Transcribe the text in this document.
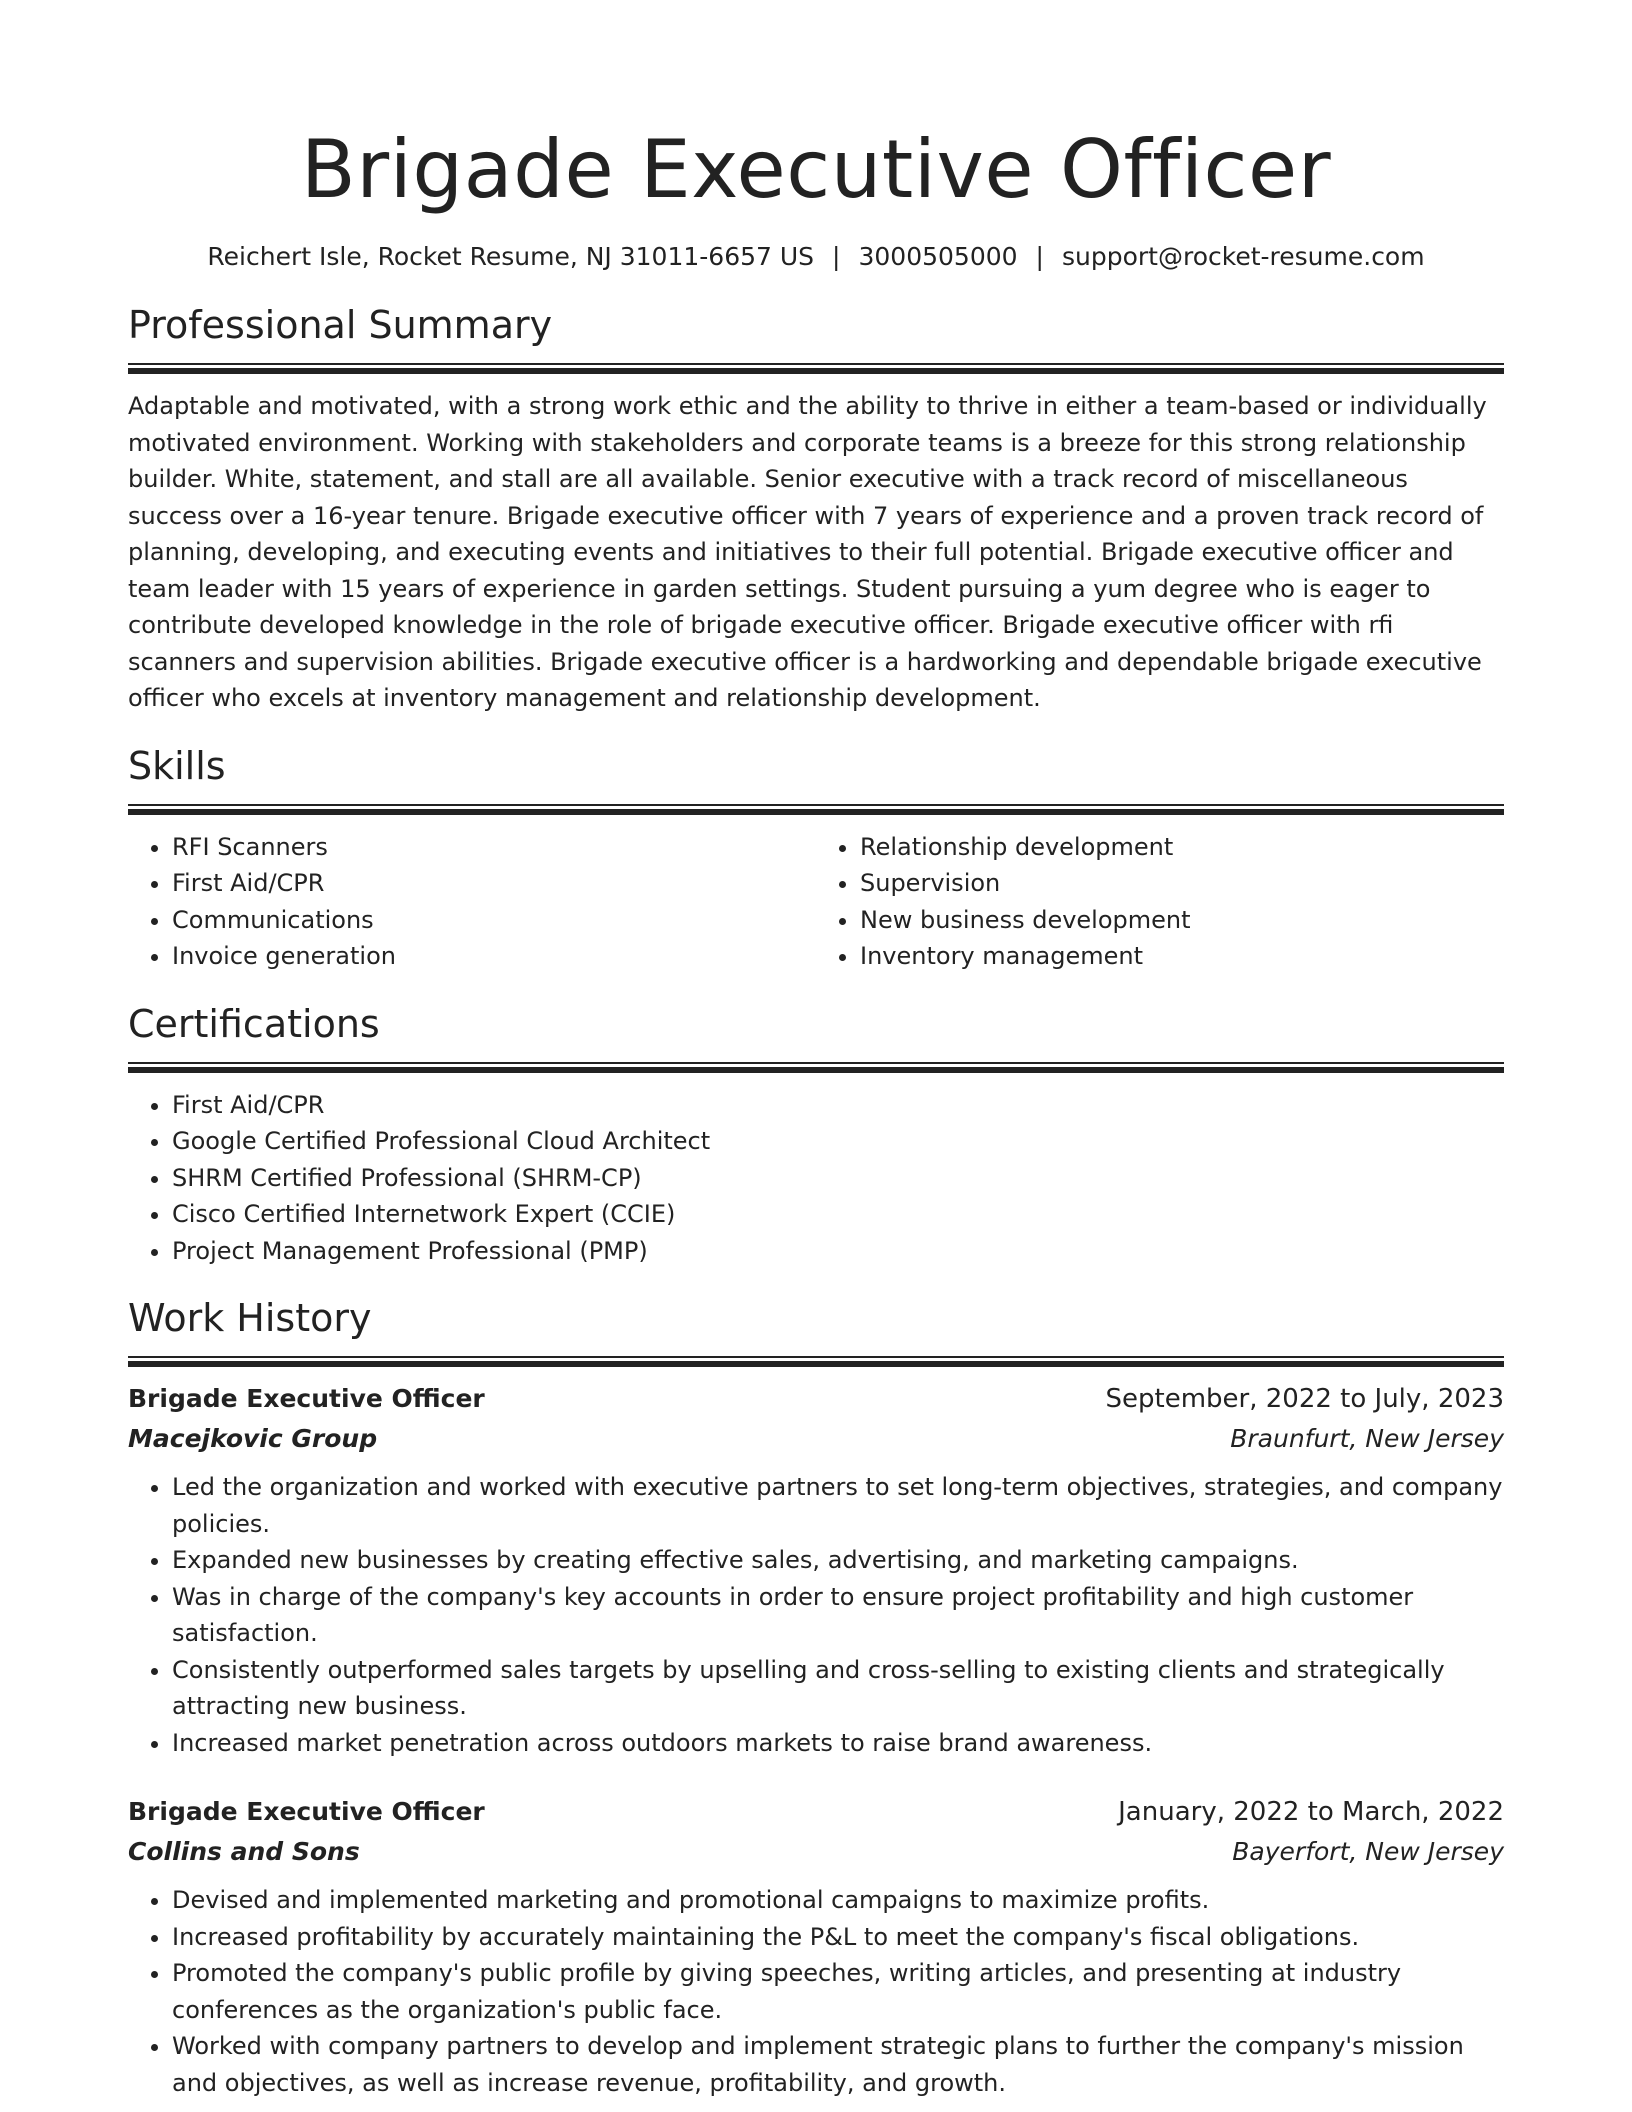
Brigade Executive Officer
Reichert Isle, Rocket Resume, NJ 31011-6657 US | 3000505000 | support@rocket-resume.com
Professional Summary
Adaptable and motivated, with a strong work ethic and the ability to thrive in either a team-based or individually motivated environment. Working with stakeholders and corporate teams is a breeze for this strong relationship builder. White, statement, and stall are all available. Senior executive with a track record of miscellaneous success over a 16-year tenure. Brigade executive officer with 7 years of experience and a proven track record of planning, developing, and executing events and initiatives to their full potential. Brigade executive officer and team leader with 15 years of experience in garden settings. Student pursuing a yum degree who is eager to contribute developed knowledge in the role of brigade executive officer. Brigade executive officer with rfi scanners and supervision abilities. Brigade executive officer is a hardworking and dependable brigade executive officer who excels at inventory management and relationship development.
Skills
• RFI Scanners
• First Aid/CPR
• Communications
• Invoice generation
• Relationship development
• Supervision
• New business development
• Inventory management
Certifications
• First Aid/CPR
• Google Certified Professional Cloud Architect
• SHRM Certified Professional (SHRM-CP)
• Cisco Certified Internetwork Expert (CCIE)
• Project Management Professional (PMP)
Work History
Brigade Executive Officer	September, 2022 to July, 2023
Macejkovic Group	Braunfurt, New Jersey
• Led the organization and worked with executive partners to set long-term objectives, strategies, and company policies.
• Expanded new businesses by creating effective sales, advertising, and marketing campaigns.
• Was in charge of the company's key accounts in order to ensure project profitability and high customer satisfaction.
• Consistently outperformed sales targets by upselling and cross-selling to existing clients and strategically attracting new business.
• Increased market penetration across outdoors markets to raise brand awareness.
Brigade Executive Officer	January, 2022 to March, 2022
Collins and Sons	Bayerfort, New Jersey
• Devised and implemented marketing and promotional campaigns to maximize profits.
• Increased profitability by accurately maintaining the P&L to meet the company's fiscal obligations.
• Promoted the company's public profile by giving speeches, writing articles, and presenting at industry conferences as the organization's public face.
• Worked with company partners to develop and implement strategic plans to further the company's mission and objectives, as well as increase revenue, profitability, and growth.
